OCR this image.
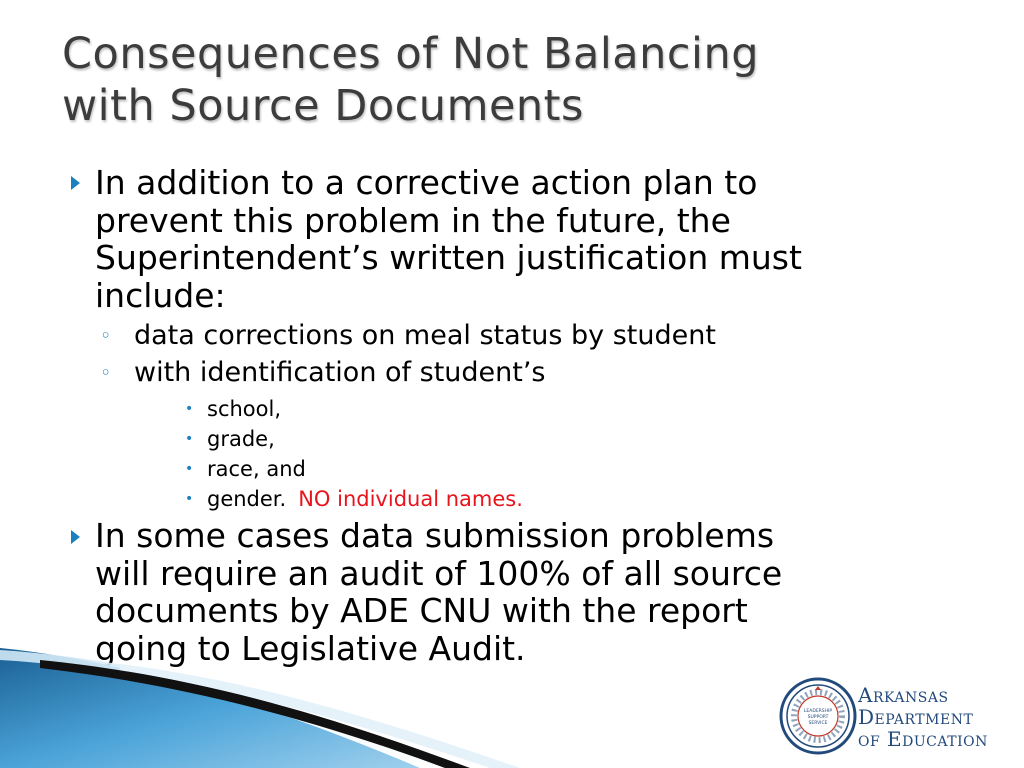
Consequences of Not Balancing
with Source Documents
In addition to a corrective action plan to
prevent this problem in the future, the
Superintendent’s written justification must
include:
◦ data corrections on meal status by student
◦ with identification of student’s
• school,
• grade,
• race, and
• gender. NO individual names.
In some cases data submission problems
will require an audit of 100% of all source
documents by ADE CNU with the report
going to Legislative Audit.
LEADERSHIP
SUPPORT
SERVICE
Arkansas
Department
of Education
